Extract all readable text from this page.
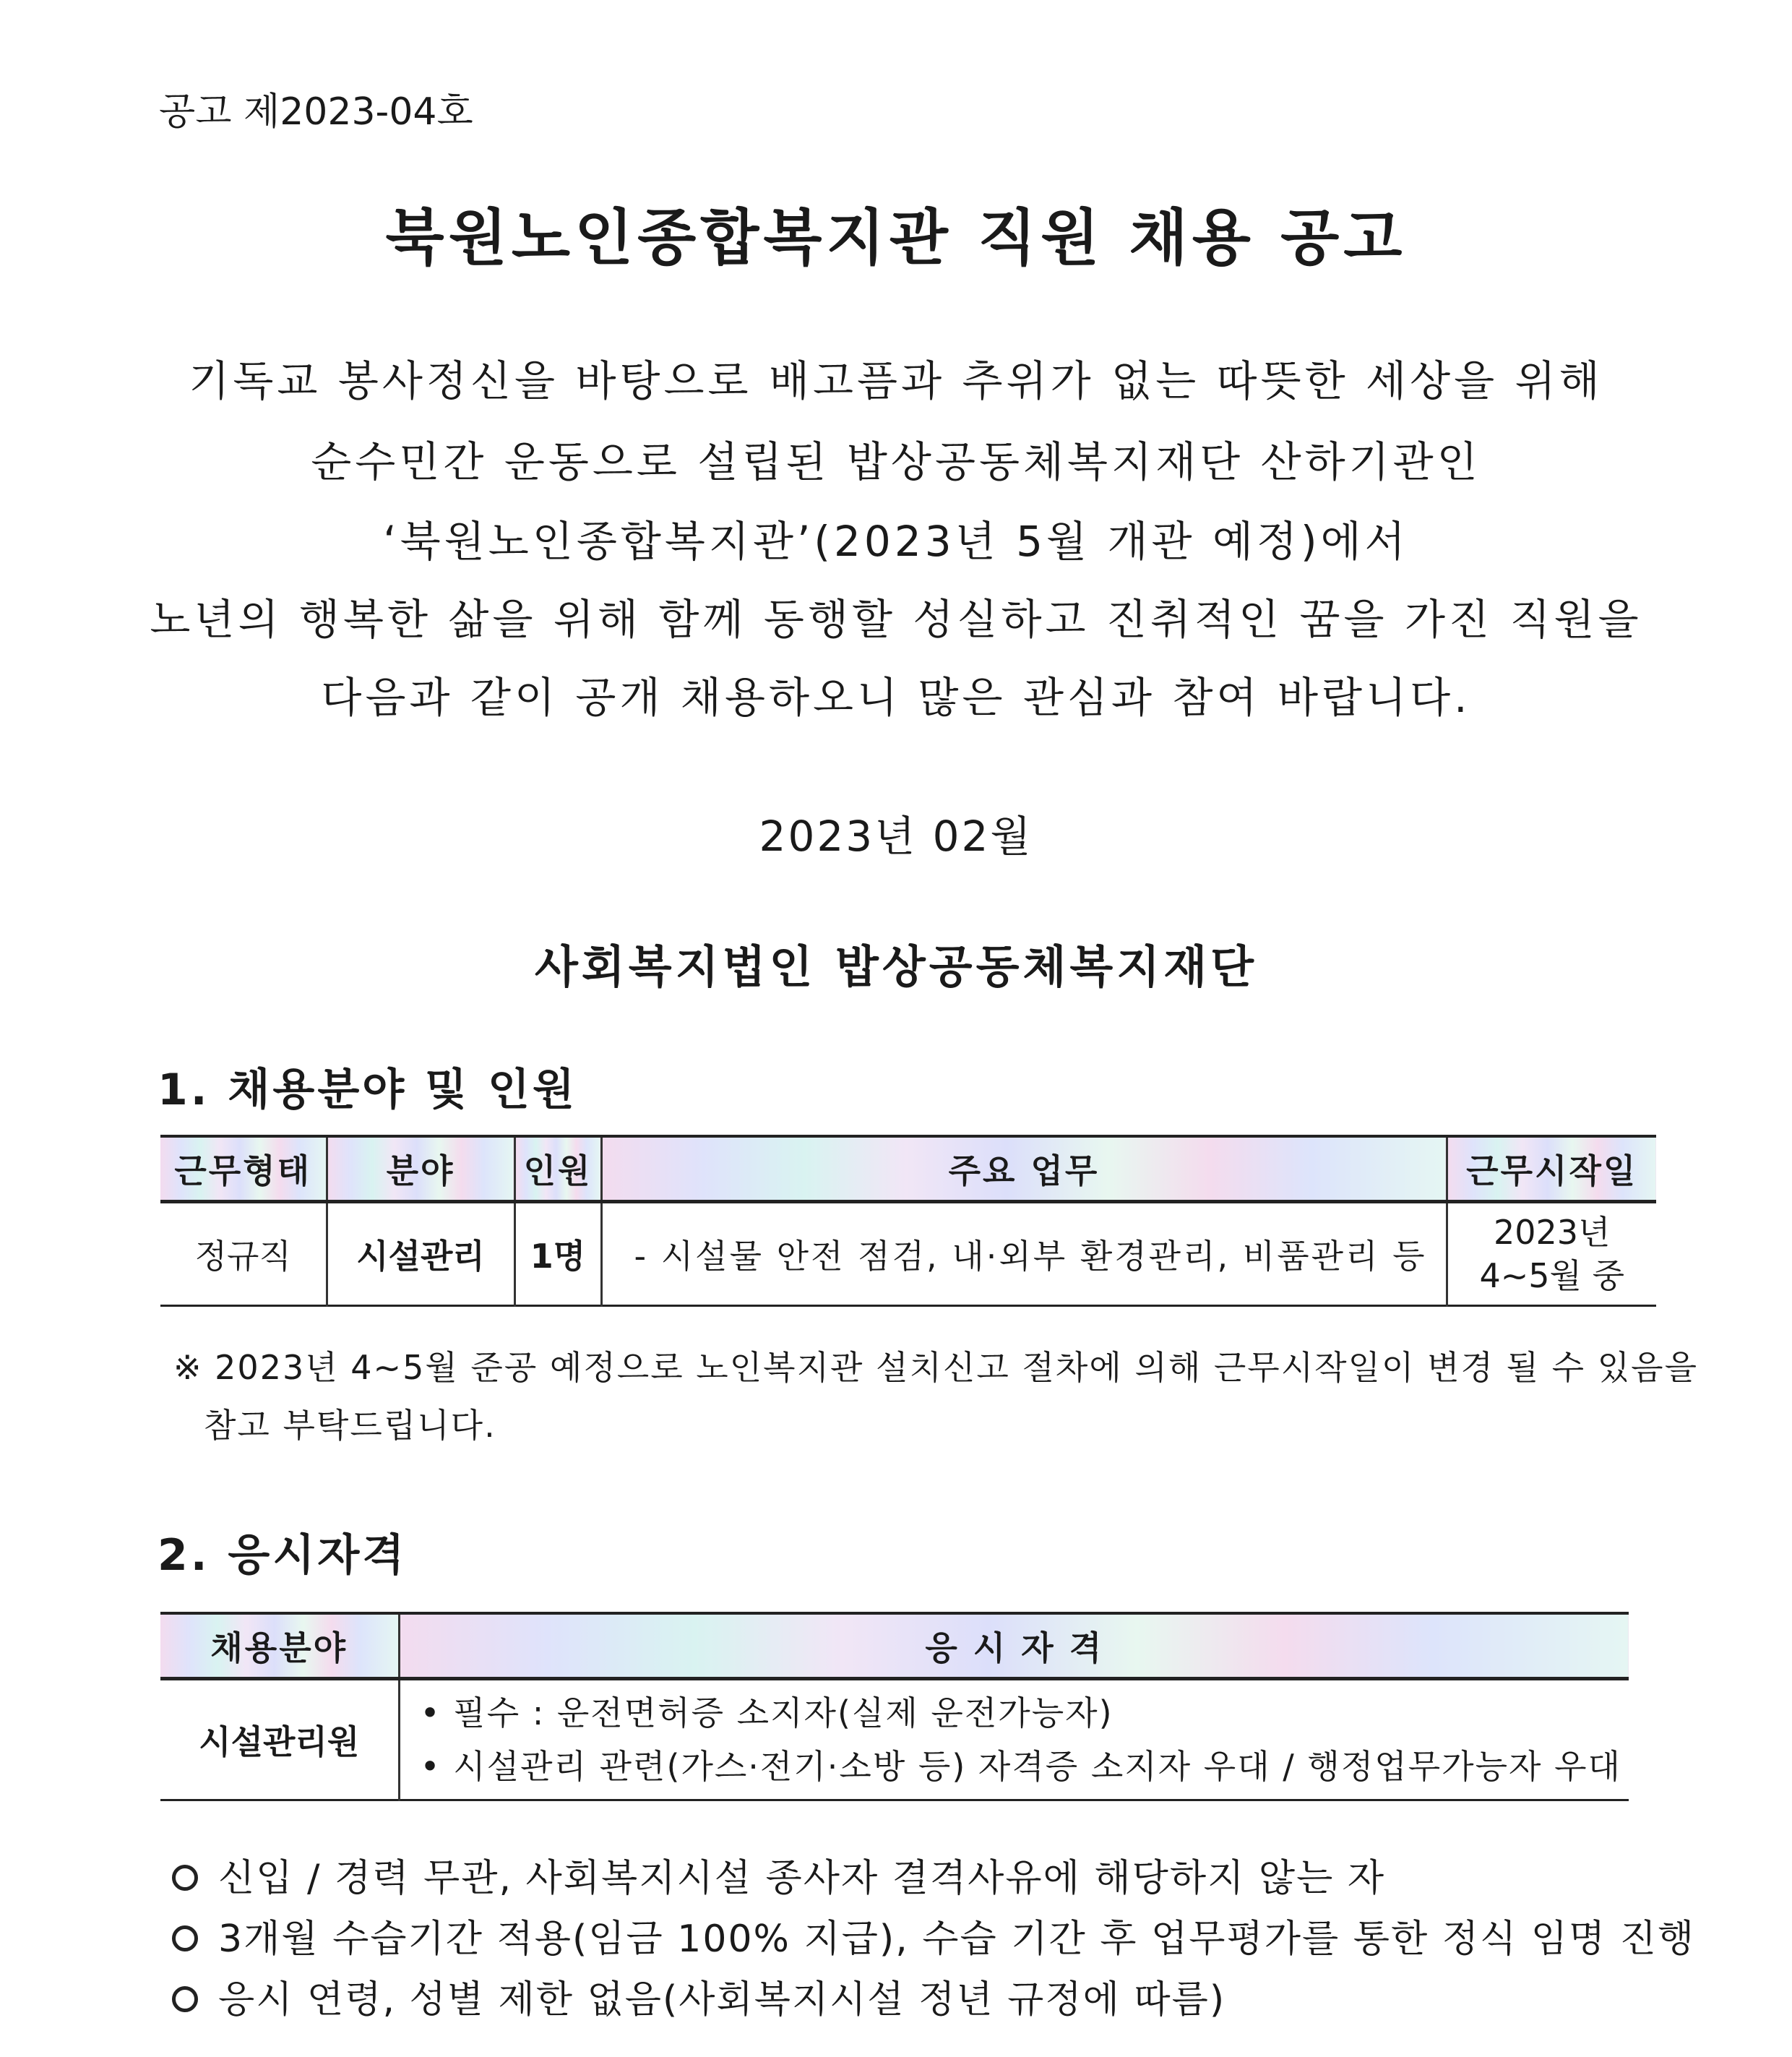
공고 제2023-04호
북원노인종합복지관 직원 채용 공고
기독교 봉사정신을 바탕으로 배고픔과 추위가 없는 따뜻한 세상을 위해
순수민간 운동으로 설립된 밥상공동체복지재단 산하기관인
‘북원노인종합복지관’(2023년 5월 개관 예정)에서
노년의 행복한 삶을 위해 함께 동행할 성실하고 진취적인 꿈을 가진 직원을
다음과 같이 공개 채용하오니 많은 관심과 참여 바랍니다.
2023년 02월
사회복지법인 밥상공동체복지재단
1. 채용분야 및 인원
근무형태	분야	인원	주요 업무	근무시작일
정규직	시설관리	1명	- 시설물 안전 점검, 내·외부 환경관리, 비품관리 등	2023년
4~5월 중
※ 2023년 4~5월 준공 예정으로 노인복지관 설치신고 절차에 의해 근무시작일이 변경 될 수 있음을
참고 부탁드립니다.
2. 응시자격
채용분야	응 시 자 격
시설관리원	• 필수 : 운전면허증 소지자(실제 운전가능자)
• 시설관리 관련(가스·전기·소방 등) 자격증 소지자 우대 / 행정업무가능자 우대
신입 / 경력 무관, 사회복지시설 종사자 결격사유에 해당하지 않는 자
3개월 수습기간 적용(임금 100% 지급), 수습 기간 후 업무평가를 통한 정식 임명 진행
응시 연령, 성별 제한 없음(사회복지시설 정년 규정에 따름)
